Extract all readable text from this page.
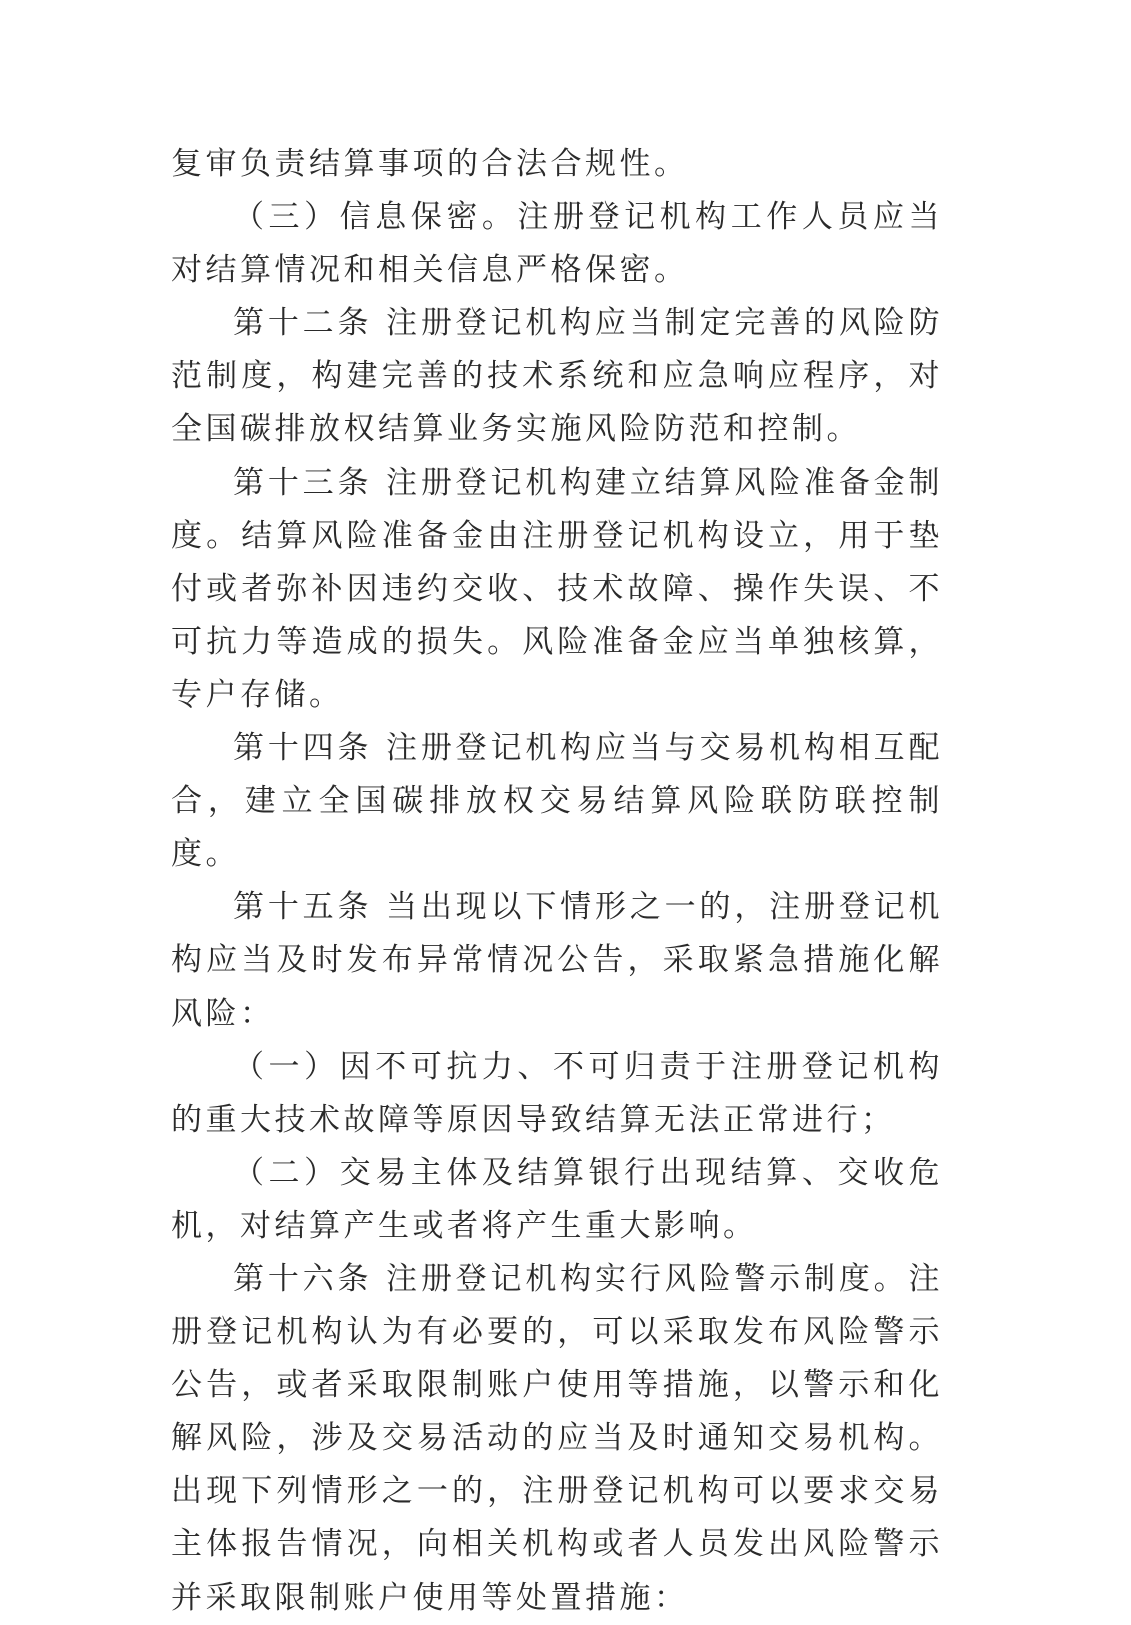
复审负责结算事项的合法合规性。

（三）信息保密。注册登记机构工作人员应当对结算情况和相关信息严格保密。

第十二条 注册登记机构应当制定完善的风险防范制度，构建完善的技术系统和应急响应程序，对全国碳排放权结算业务实施风险防范和控制。

第十三条 注册登记机构建立结算风险准备金制度。结算风险准备金由注册登记机构设立，用于垫付或者弥补因违约交收、技术故障、操作失误、不可抗力等造成的损失。风险准备金应当单独核算，专户存储。

第十四条 注册登记机构应当与交易机构相互配合，建立全国碳排放权交易结算风险联防联控制度。

第十五条 当出现以下情形之一的，注册登记机构应当及时发布异常情况公告，采取紧急措施化解风险：

（一）因不可抗力、不可归责于注册登记机构的重大技术故障等原因导致结算无法正常进行；

（二）交易主体及结算银行出现结算、交收危机，对结算产生或者将产生重大影响。

第十六条 注册登记机构实行风险警示制度。注册登记机构认为有必要的，可以采取发布风险警示公告，或者采取限制账户使用等措施，以警示和化解风险，涉及交易活动的应当及时通知交易机构。出现下列情形之一的，注册登记机构可以要求交易主体报告情况，向相关机构或者人员发出风险警示并采取限制账户使用等处置措施：
